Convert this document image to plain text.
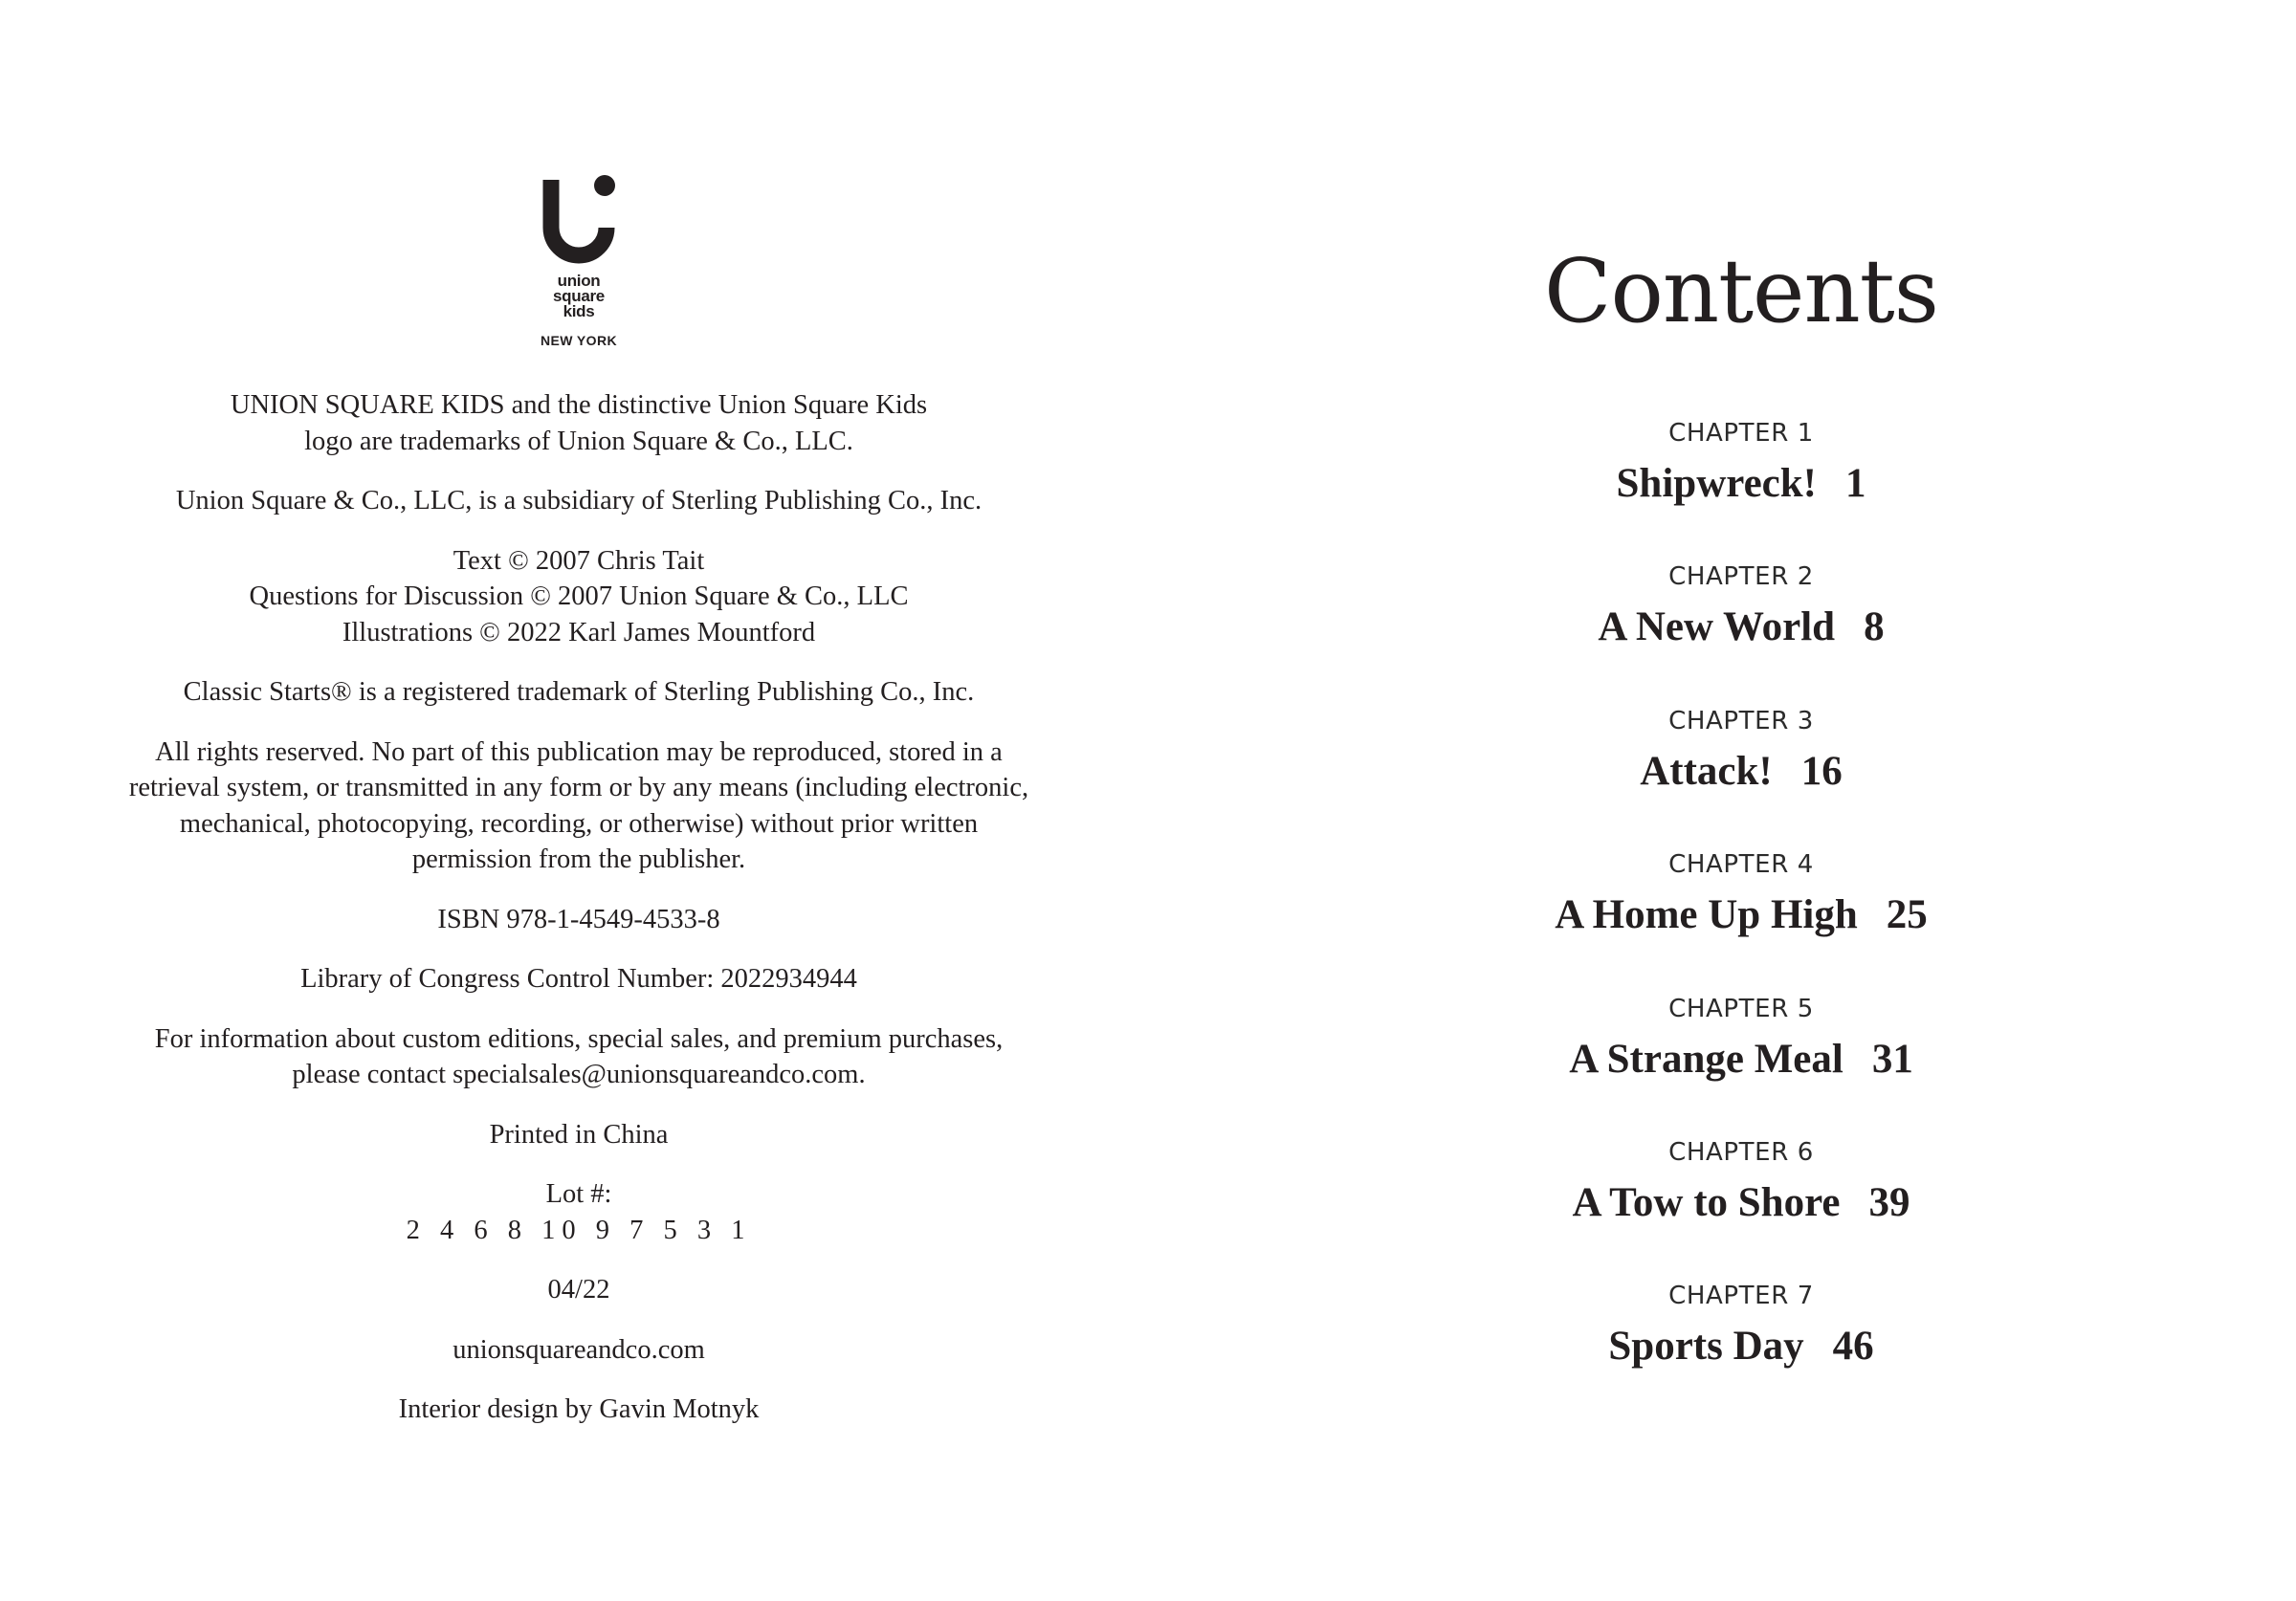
union
square
kids
NEW YORK

UNION SQUARE KIDS and the distinctive Union Square Kids
logo are trademarks of Union Square & Co., LLC.

Union Square & Co., LLC, is a subsidiary of Sterling Publishing Co., Inc.

Text © 2007 Chris Tait
Questions for Discussion © 2007 Union Square & Co., LLC
Illustrations © 2022 Karl James Mountford

Classic Starts® is a registered trademark of Sterling Publishing Co., Inc.

All rights reserved. No part of this publication may be reproduced, stored in a
retrieval system, or transmitted in any form or by any means (including electronic,
mechanical, photocopying, recording, or otherwise) without prior written
permission from the publisher.

ISBN 978-1-4549-4533-8

Library of Congress Control Number: 2022934944

For information about custom editions, special sales, and premium purchases,
please contact specialsales@unionsquareandco.com.

Printed in China

Lot #:
2 4 6 8 10 9 7 5 3 1

04/22

unionsquareandco.com

Interior design by Gavin Motnyk

Contents
CHAPTER 1
Shipwreck! 1
CHAPTER 2
A New World 8
CHAPTER 3
Attack! 16
CHAPTER 4
A Home Up High 25
CHAPTER 5
A Strange Meal 31
CHAPTER 6
A Tow to Shore 39
CHAPTER 7
Sports Day 46
